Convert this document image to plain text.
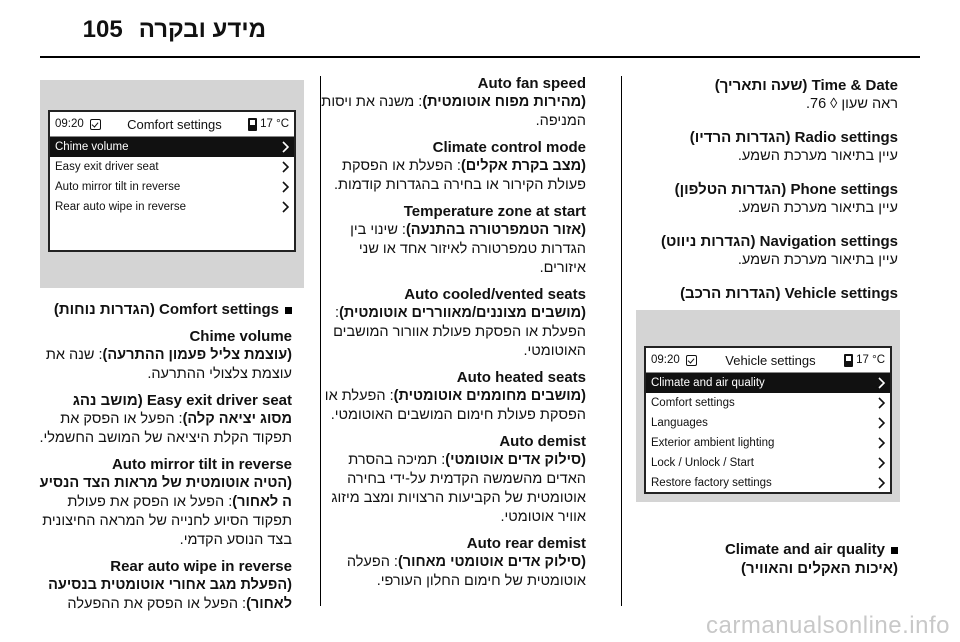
מידע ובקרה
105
Time & Date (שעה ותאריך)
ראה שעון ◊ 76.
Radio settings (הגדרות הרדיו)
עיין בתיאור מערכת השמע.
Phone settings (הגדרות הטלפון)
עיין בתיאור מערכת השמע.
Navigation settings (הגדרות ניווט)
עיין בתיאור מערכת השמע.
Vehicle settings (הגדרות הרכב)
09:20	Vehicle settings	17 °C
Climate and air quality
Comfort settings
Languages
Exterior ambient lighting
Lock / Unlock / Start
Restore factory settings
Climate and air quality
(איכות האקלים והאוויר)

Auto fan speed
(מהירות מפוח אוטומטית): משנה את ויסות המניפה.

Climate control mode
(מצב בקרת אקלים): הפעלת או הפסקת פעולת הקירור או בחירה בהגדרות קודמות.

Temperature zone at start
(אזור הטמפרטורה בהתנעה): שינוי בין הגדרות טמפרטורה לאיזור אחד או שני איזורים.

Auto cooled/vented seats
(מושבים מצוננים/מאווררים אוטומטית): הפעלת או הפסקת פעולת אוורור המושבים האוטומטי.

Auto heated seats
(מושבים מחוממים אוטומטית): הפעלת או הפסקת פעולת חימום המושבים האוטומטי.

Auto demist
(סילוק אדים אוטומטי): תמיכה בהסרת האדים מהשמשה הקדמית על-ידי בחירה אוטומטית של הקביעות הרצויות ומצב מיזוג אוויר אוטומטי.

Auto rear demist
(סילוק אדים אוטומטי מאחור): הפעלה אוטומטית של חימום החלון העורפי.

09:20	Comfort settings	17 °C
Chime volume
Easy exit driver seat
Auto mirror tilt in reverse
Rear auto wipe in reverse
Comfort settings (הגדרות נוחות)

Chime volume
(עוצמת צליל פעמון ההתרעה): שנה את עוצמת צלצולי ההתרעה.

Easy exit driver seat (מושב נהג
מסוג יציאה קלה): הפעל או הפסק את תפקוד הקלת היציאה של המושב החשמלי.

Auto mirror tilt in reverse
(הטיה אוטומטית של מראות הצד הנסיע ה לאחור): הפעל או הפסק את פעולת תפקוד הסיוע לחנייה של המראה החיצונית בצד הנוסע הקדמי.

Rear auto wipe in reverse
(הפעלת מגב אחורי אוטומטית בנסיעה לאחור): הפעל או הפסק את ההפעלה

carmanualsonline.info
